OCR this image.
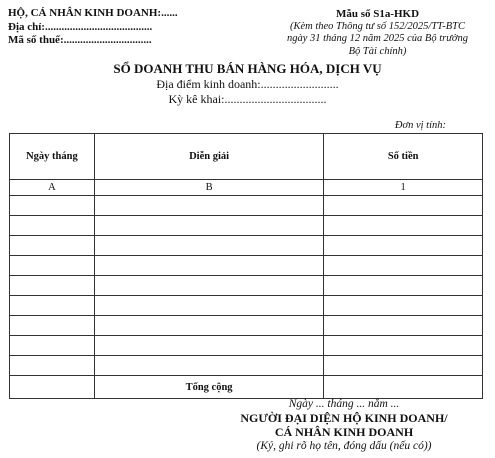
HỘ, CÁ NHÂN KINH DOANH:......
Địa chỉ:.......................................
Mã số thuế:................................
Mẫu số S1a-HKD
(Kèm theo Thông tư số 152/2025/TT-BTC
ngày 31 tháng 12 năm 2025 của Bộ trưởng
Bộ Tài chính)
SỔ DOANH THU BÁN HÀNG HÓA, DỊCH VỤ
Địa điểm kinh doanh:..........................
Kỳ kê khai:..................................
Đơn vị tính:
Ngày tháng	Diễn giải	Số tiền
A	B	1

	Tổng cộng	
Ngày ... tháng ... năm ...
NGƯỜI ĐẠI DIỆN HỘ KINH DOANH/
CÁ NHÂN KINH DOANH
(Ký, ghi rõ họ tên, đóng dấu (nếu có))
